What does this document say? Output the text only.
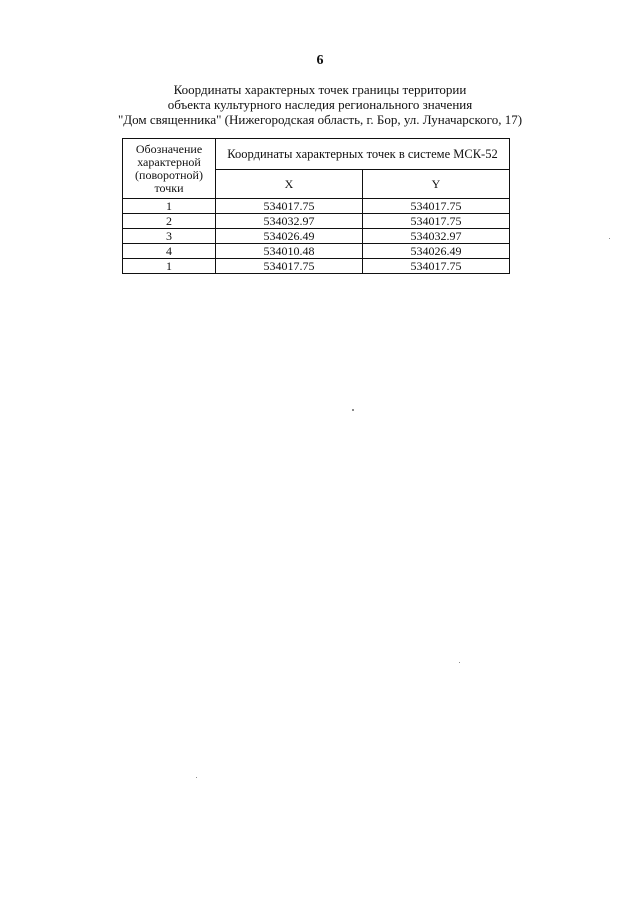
6
Координаты характерных точек границы территории
объекта культурного наследия регионального значения
"Дом священника" (Нижегородская область, г. Бор, ул. Луначарского, 17)
Обозначение характерной (поворотной) точки	Координаты характерных точек в системе МСК-52	
	X	Y
1	534017.75	534017.75
2	534032.97	534017.75
3	534026.49	534032.97
4	534010.48	534026.49
1	534017.75	534017.75
